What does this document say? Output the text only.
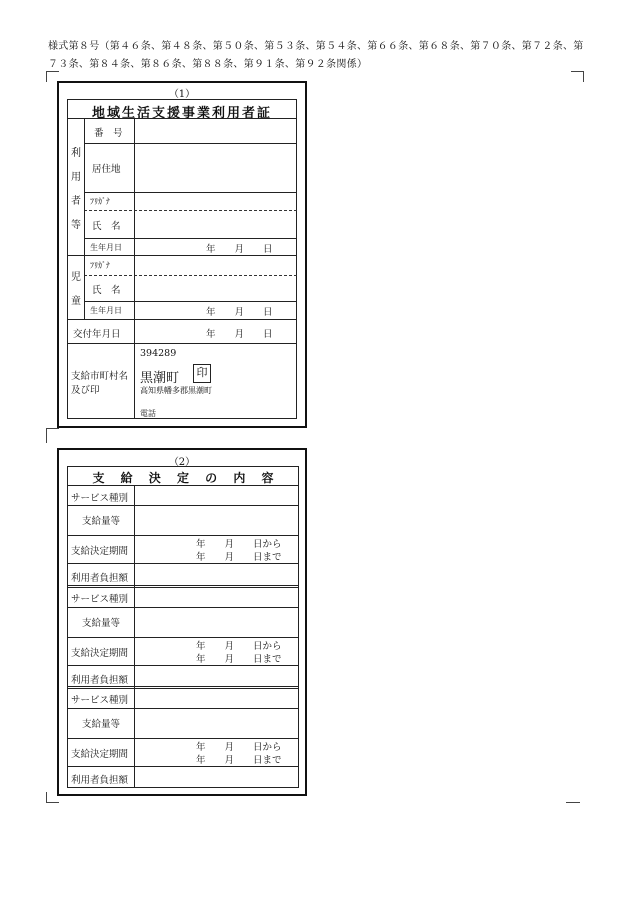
様式第８号（第４６条、第４８条、第５０条、第５３条、第５４条、第６６条、第６８条、第７０条、第７２条、第
７３条、第８４条、第８６条、第８８条、第９１条、第９２条関係）
（1）
地域生活支援事業利用者証
利
用
者
等
番　号
居住地
ﾌﾘｶﾞﾅ
氏　名
生年月日	年　　月　　日
児
童
ﾌﾘｶﾞﾅ
氏　名
生年月日	年　　月　　日
交付年月日	年　　月　　日
支給市町村名
及び印
394289
黒潮町	印
高知県幡多郡黒潮町
電話
（2）
支 給 決 定 の 内 容
サービス種別
支給量等
支給決定期間
年　　月　　日から
年　　月　　日まで
利用者負担額
サービス種別
支給量等
支給決定期間
年　　月　　日から
年　　月　　日まで
利用者負担額
サービス種別
支給量等
支給決定期間
年　　月　　日から
年　　月　　日まで
利用者負担額
